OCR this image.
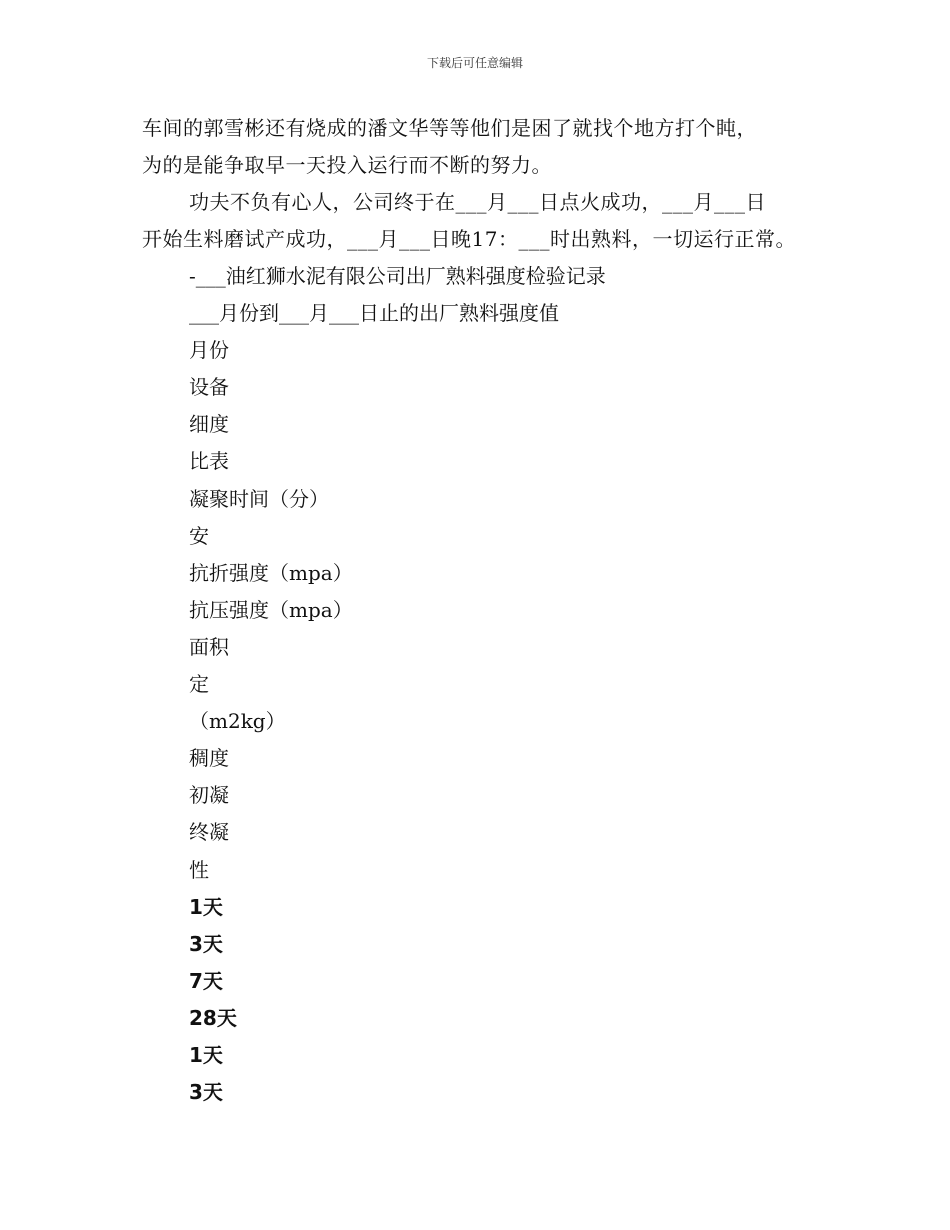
下载后可任意编辑
车间的郭雪彬还有烧成的潘文华等等他们是困了就找个地方打个盹，
为的是能争取早一天投入运行而不断的努力。
功夫不负有心人，公司终于在___月___日点火成功，___月___日
开始生料磨试产成功，___月___日晚17：___时出熟料，一切运行正常。
-___油红狮水泥有限公司出厂熟料强度检验记录
___月份到___月___日止的出厂熟料强度值
月份
设备
细度
比表
凝聚时间（分）
安
抗折强度（mpa）
抗压强度（mpa）
面积
定
（m2kg）
稠度
初凝
终凝
性
1天
3天
7天
28天
1天
3天
